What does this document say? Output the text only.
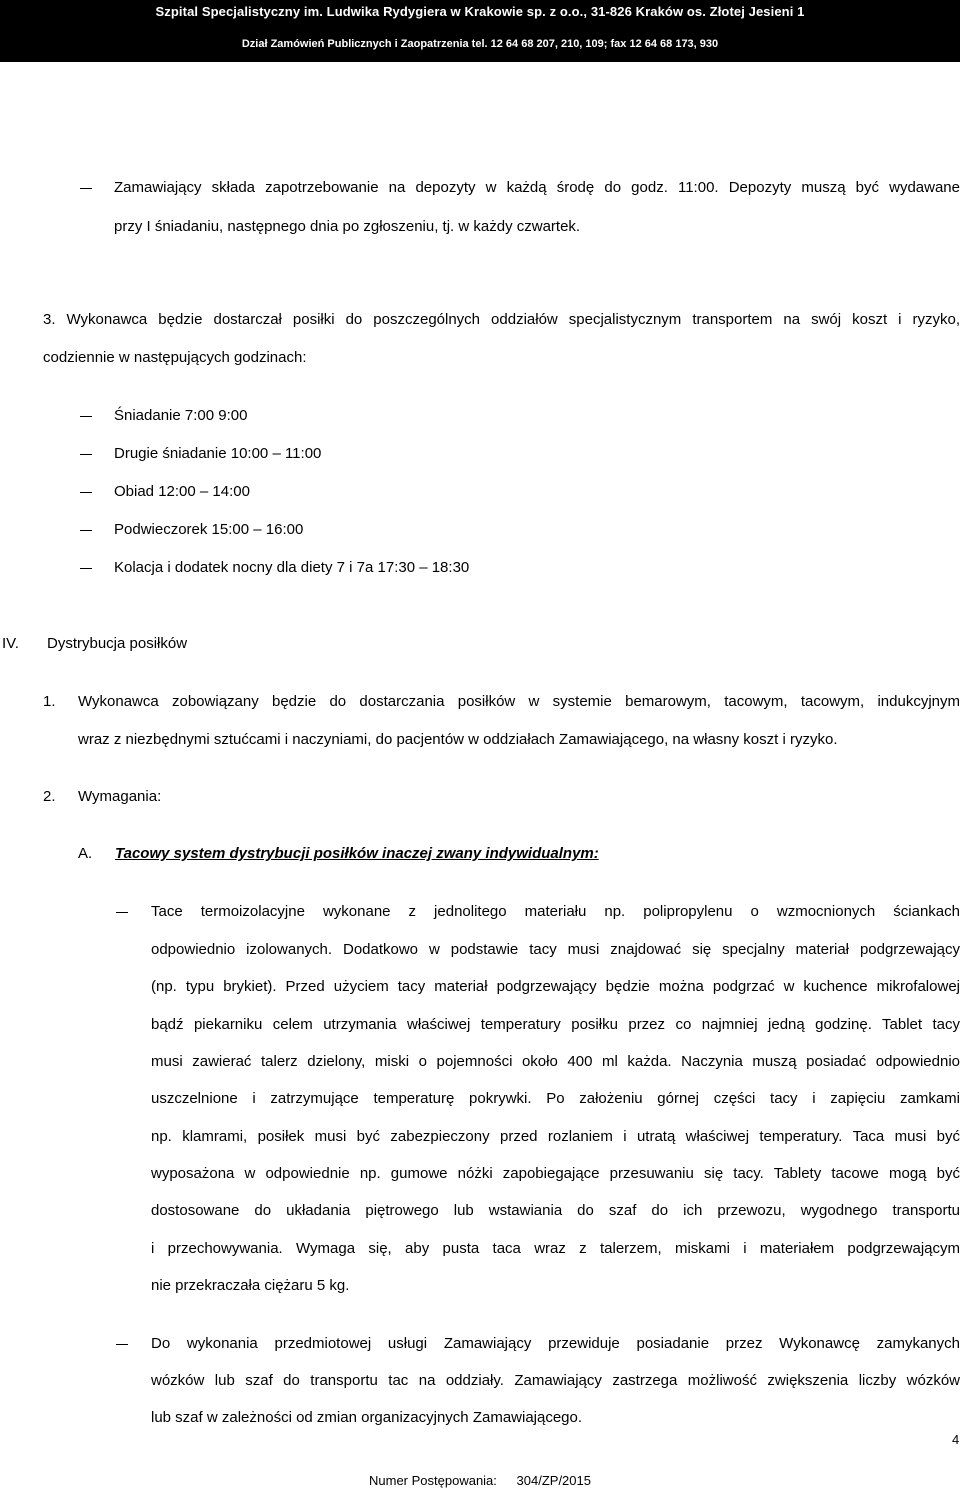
Szpital Specjalistyczny im. Ludwika Rydygiera w Krakowie sp. z o.o., 31-826 Kraków os. Złotej Jesieni 1
Dział Zamówień Publicznych i Zaopatrzenia tel. 12 64 68 207, 210, 109; fax 12 64 68 173, 930
Zamawiający składa zapotrzebowanie na depozyty w każdą środę do godz. 11:00. Depozyty muszą być wydawane
przy I śniadaniu, następnego dnia po zgłoszeniu, tj. w każdy czwartek.
3. Wykonawca będzie dostarczał posiłki do poszczególnych oddziałów specjalistycznym transportem na swój koszt i ryzyko,
codziennie w następujących godzinach:
Śniadanie 7:00 9:00
Drugie śniadanie 10:00 – 11:00
Obiad 12:00 – 14:00
Podwieczorek 15:00 – 16:00
Kolacja i dodatek nocny dla diety 7 i 7a 17:30 – 18:30
IV. Dystrybucja posiłków
1. Wykonawca zobowiązany będzie do dostarczania posiłków w systemie bemarowym, tacowym, tacowym, indukcyjnym
wraz z niezbędnymi sztućcami i naczyniami, do pacjentów w oddziałach Zamawiającego, na własny koszt i ryzyko.
2. Wymagania:
A. Tacowy system dystrybucji posiłków inaczej zwany indywidualnym:
Tace termoizolacyjne wykonane z jednolitego materiału np. polipropylenu o wzmocnionych ściankach
odpowiednio izolowanych. Dodatkowo w podstawie tacy musi znajdować się specjalny materiał podgrzewający
(np. typu brykiet). Przed użyciem tacy materiał podgrzewający będzie można podgrzać w kuchence mikrofalowej
bądź piekarniku celem utrzymania właściwej temperatury posiłku przez co najmniej jedną godzinę. Tablet tacy
musi zawierać talerz dzielony, miski o pojemności około 400 ml każda. Naczynia muszą posiadać odpowiednio
uszczelnione i zatrzymujące temperaturę pokrywki. Po założeniu górnej części tacy i zapięciu zamkami
np. klamrami, posiłek musi być zabezpieczony przed rozlaniem i utratą właściwej temperatury. Taca musi być
wyposażona w odpowiednie np. gumowe nóżki zapobiegające przesuwaniu się tacy. Tablety tacowe mogą być
dostosowane do układania piętrowego lub wstawiania do szaf do ich przewozu, wygodnego transportu
i przechowywania. Wymaga się, aby pusta taca wraz z talerzem, miskami i materiałem podgrzewającym
nie przekraczała ciężaru 5 kg.
Do wykonania przedmiotowej usługi Zamawiający przewiduje posiadanie przez Wykonawcę zamykanych
wózków lub szaf do transportu tac na oddziały. Zamawiający zastrzega możliwość zwiększenia liczby wózków
lub szaf w zależności od zmian organizacyjnych Zamawiającego.
4
Numer Postępowania: 304/ZP/2015
